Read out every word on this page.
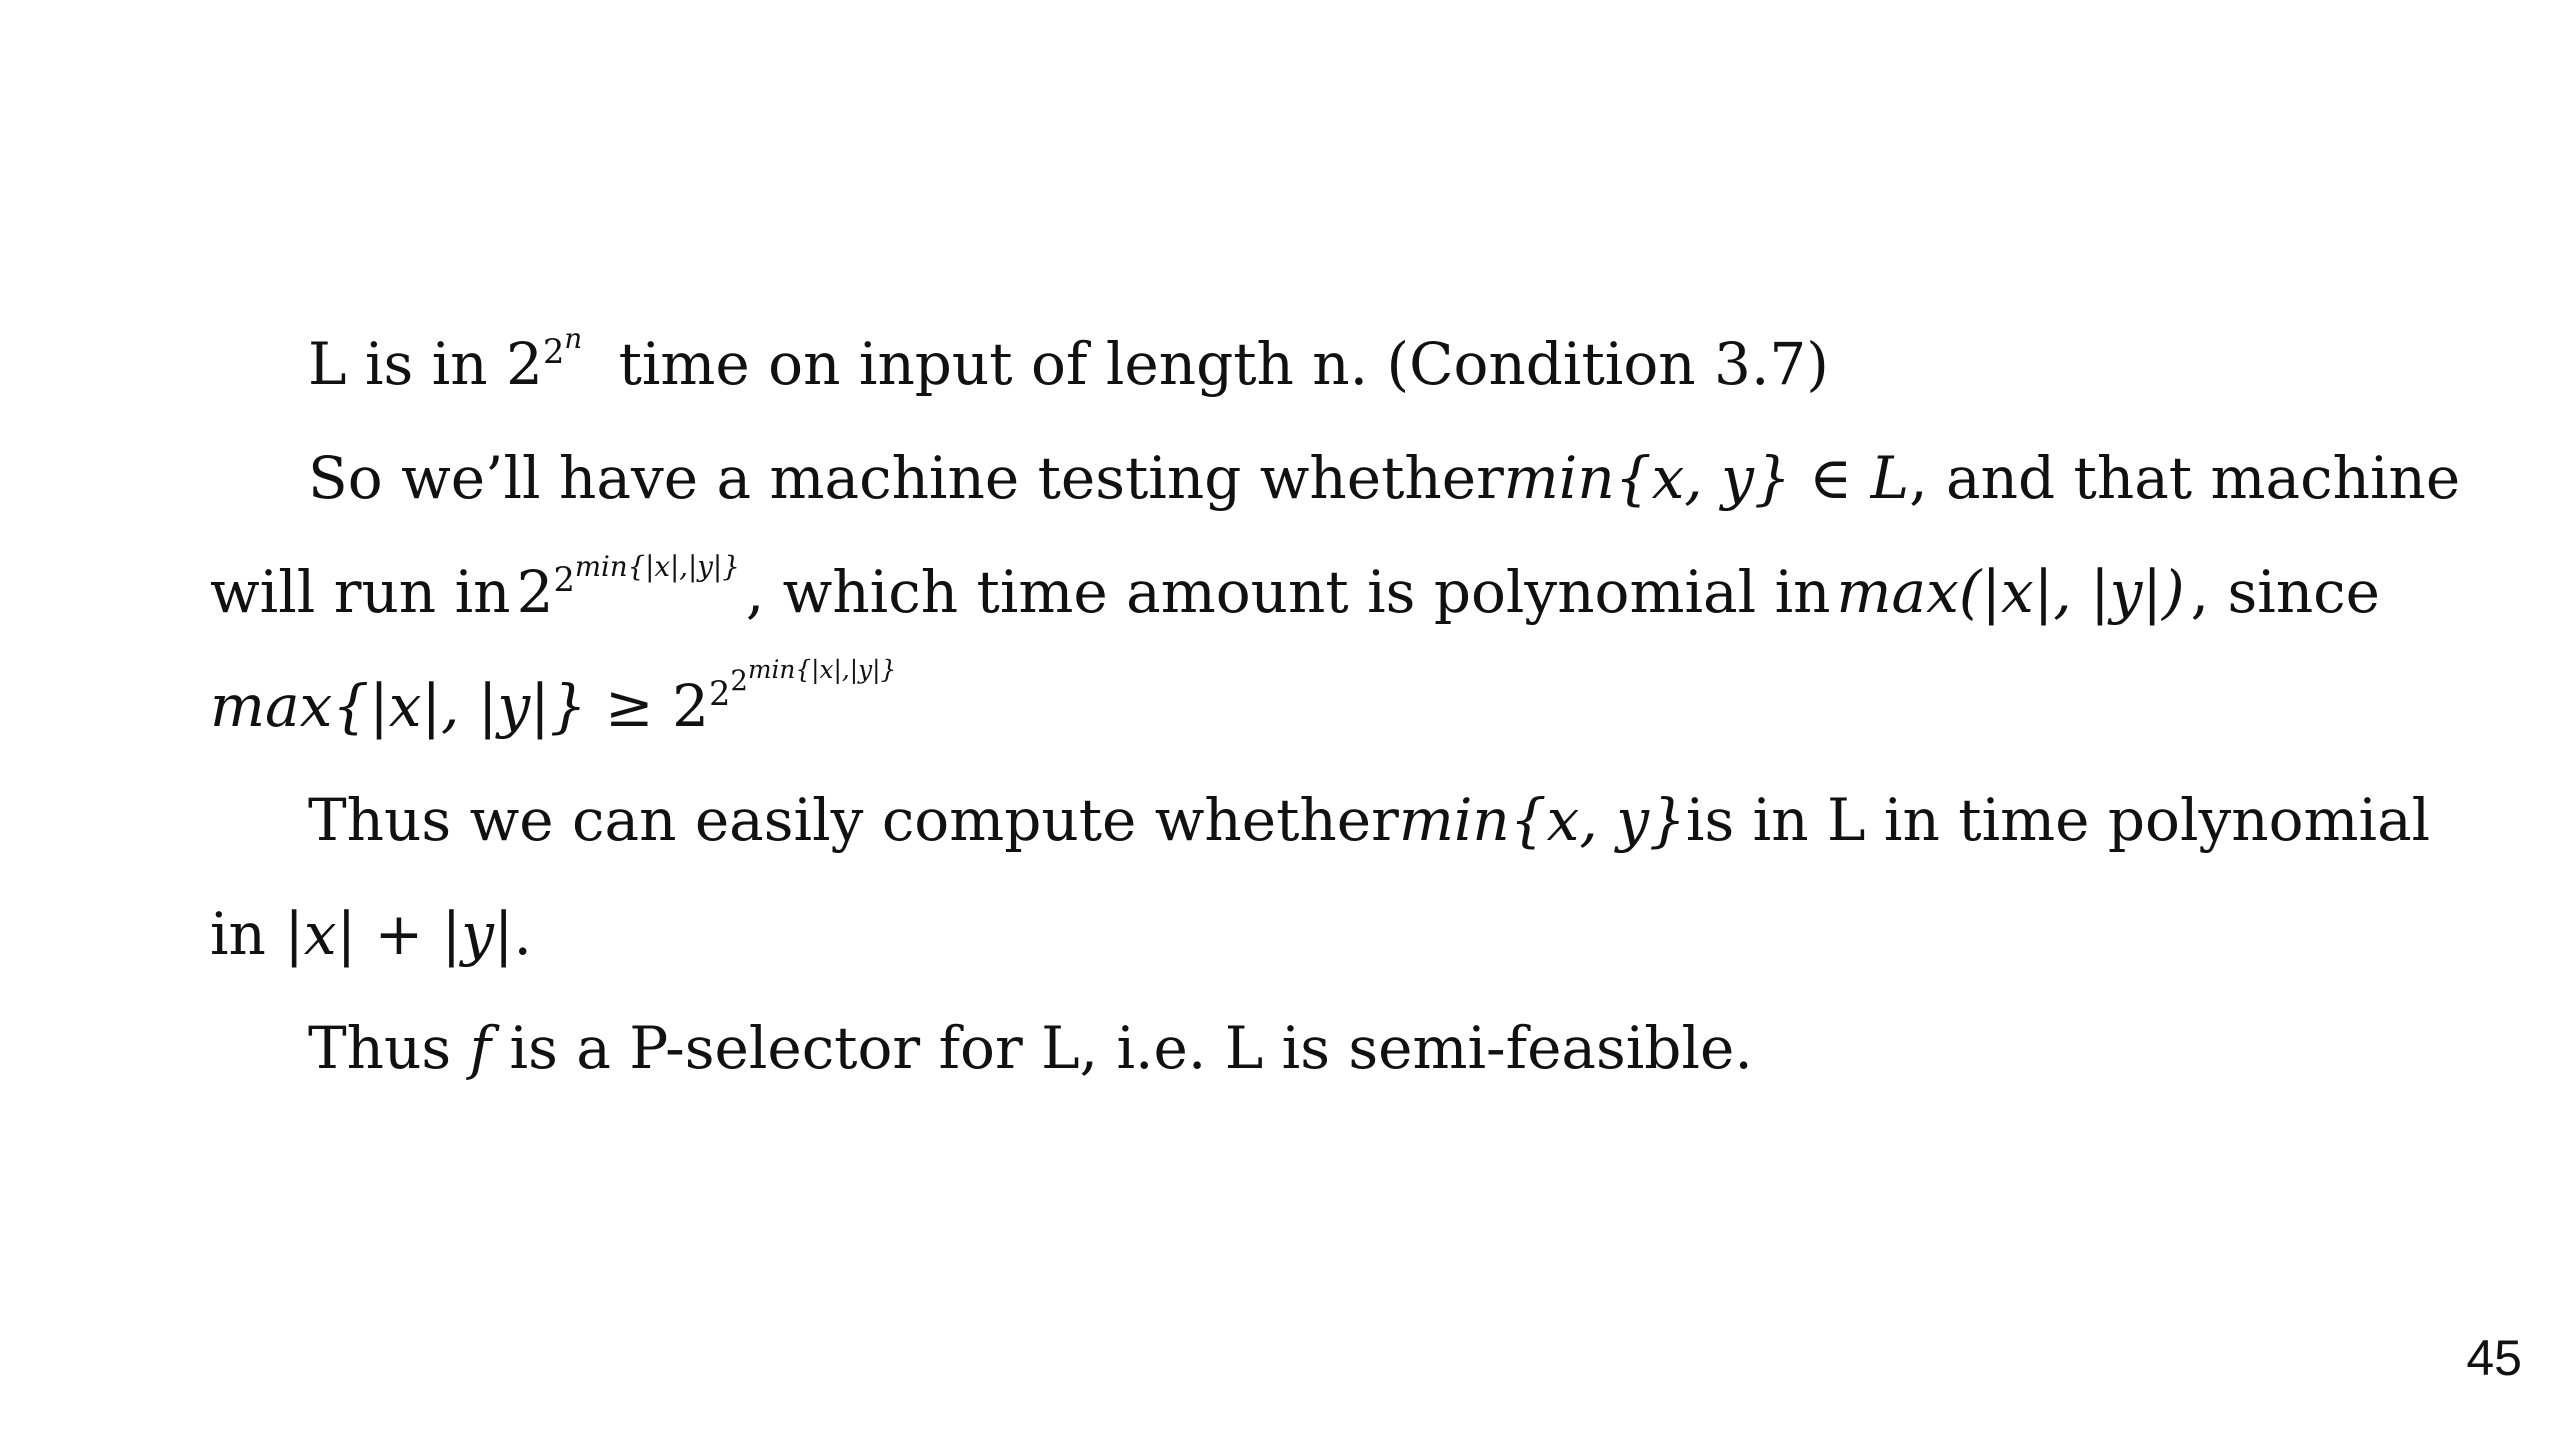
L is in $2^{2^n}$ time on input of length n. (Condition 3.7)
So we’ll have a machine testing whether min{x, y} ∈ L , and that machine
will run in $2^{2^{min\{|x|,|y|\}}}$ , which time amount is polynomial in max(|x|, |y|) , since
max{|x|, $|y|\} \ge 2^{2^{2^{min\{|x|,|y|\}}}}$
Thus we can easily compute whether min{x, y} is in L in time polynomial
in |x| + |y|.
Thus f is a P-selector for L, i.e. L is semi-feasible.
45
